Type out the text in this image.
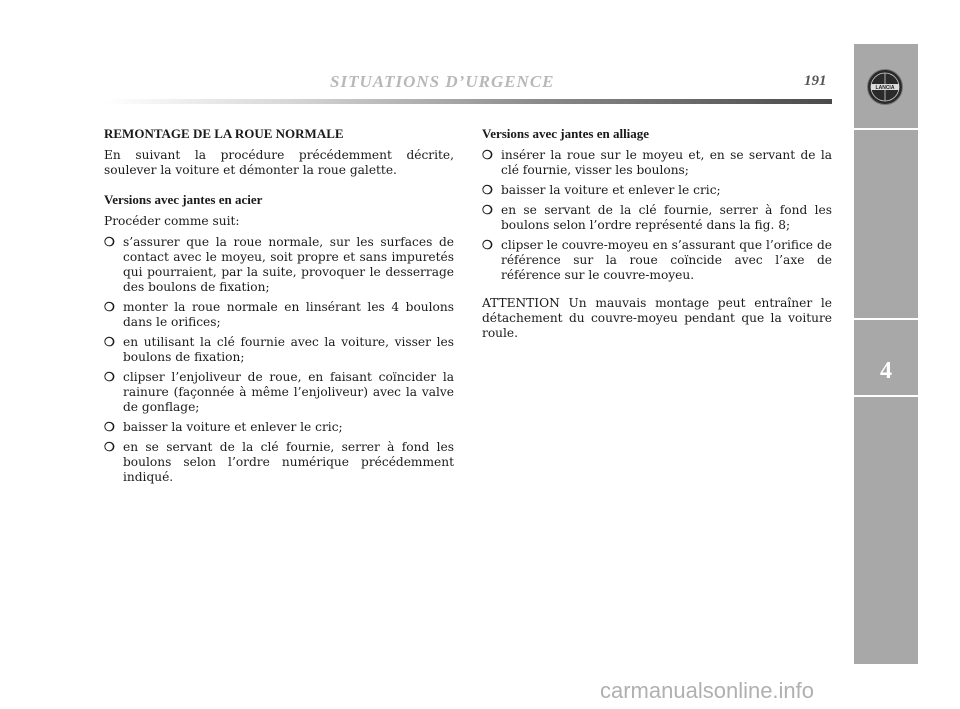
SITUATIONS D’URGENCE	191
4
LANCIA
REMONTAGE DE LA ROUE NORMALE
En suivant la procédure précédemment décrite, soulever la voiture et démonter la roue galette.
Versions avec jantes en acier
Procéder comme suit:
❍ s’assurer que la roue normale, sur les surfaces de contact avec le moyeu, soit propre et sans impuretés qui pourraient, par la suite, provoquer le desserrage des boulons de fixation;
❍ monter la roue normale en linsérant les 4 boulons dans le orifices;
❍ en utilisant la clé fournie avec la voiture, visser les boulons de fixation;
❍ clipser l’enjoliveur de roue, en faisant coïncider la rainure (façonnée à même l’enjoliveur) avec la valve de gonflage;
❍ baisser la voiture et enlever le cric;
❍ en se servant de la clé fournie, serrer à fond les boulons selon l’ordre numérique précédemment indiqué.
Versions avec jantes en alliage
❍ insérer la roue sur le moyeu et, en se servant de la clé fournie, visser les boulons;
❍ baisser la voiture et enlever le cric;
❍ en se servant de la clé fournie, serrer à fond les boulons selon l’ordre représenté dans la fig. 8;
❍ clipser le couvre-moyeu en s’assurant que l’orifice de référence sur la roue coïncide avec l’axe de référence sur le couvre-moyeu.
ATTENTION Un mauvais montage peut entraîner le détachement du couvre-moyeu pendant que la voiture roule.
carmanualsonline.info
